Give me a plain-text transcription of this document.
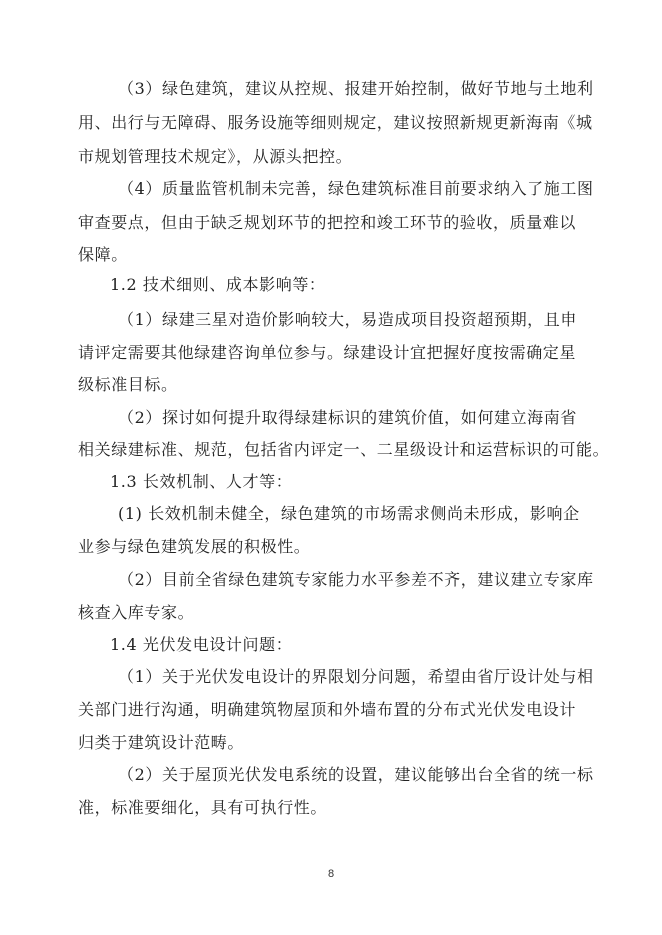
（3）绿色建筑，建议从控规、报建开始控制，做好节地与土地利
用、出行与无障碍、服务设施等细则规定，建议按照新规更新海南《城
市规划管理技术规定》，从源头把控。
（4）质量监管机制未完善，绿色建筑标准目前要求纳入了施工图
审查要点，但由于缺乏规划环节的把控和竣工环节的验收，质量难以
保障。
1.2 技术细则、成本影响等：
（1）绿建三星对造价影响较大，易造成项目投资超预期，且申
请评定需要其他绿建咨询单位参与。绿建设计宜把握好度按需确定星
级标准目标。
（2）探讨如何提升取得绿建标识的建筑价值，如何建立海南省
相关绿建标准、规范，包括省内评定一、二星级设计和运营标识的可能。
1.3 长效机制、人才等：
(1) 长效机制未健全，绿色建筑的市场需求侧尚未形成，影响企
业参与绿色建筑发展的积极性。
（2）目前全省绿色建筑专家能力水平参差不齐，建议建立专家库
核查入库专家。
1.4 光伏发电设计问题：
（1）关于光伏发电设计的界限划分问题，希望由省厅设计处与相
关部门进行沟通，明确建筑物屋顶和外墙布置的分布式光伏发电设计
归类于建筑设计范畴。
（2）关于屋顶光伏发电系统的设置，建议能够出台全省的统一标
准，标准要细化，具有可执行性。
8
